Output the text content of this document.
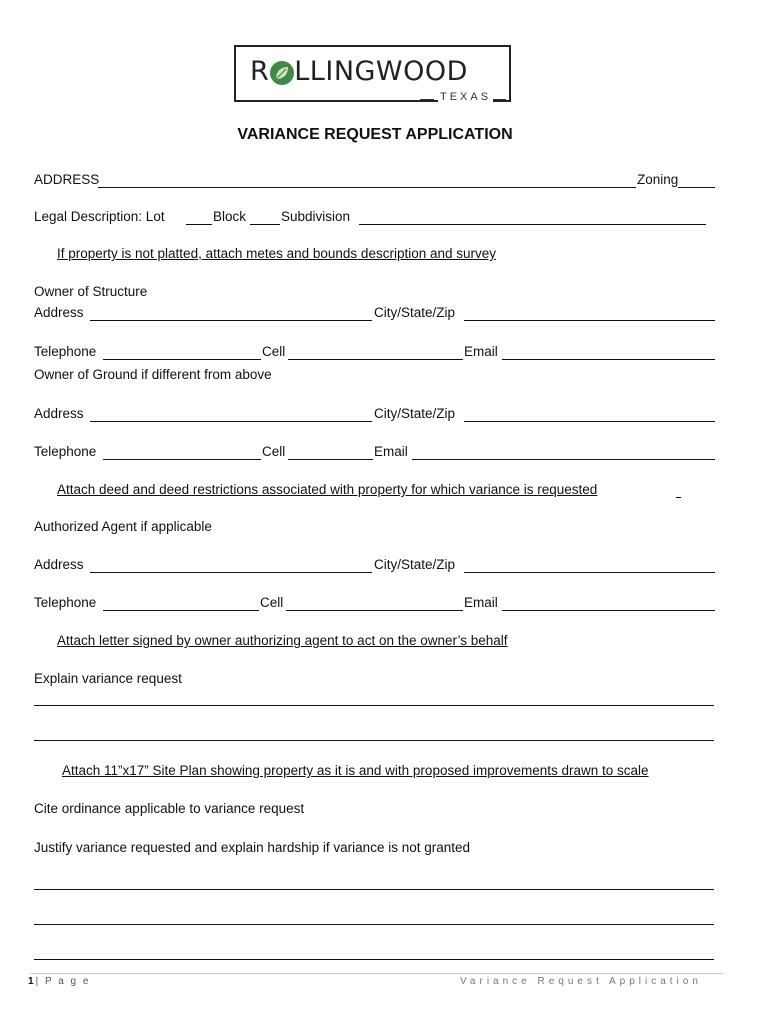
R LLINGWOOD
TEXAS
VARIANCE REQUEST APPLICATION
ADDRESS	Zoning
Legal Description: Lot	Block	Subdivision
If property is not platted, attach metes and bounds description and survey
Owner of Structure
Address	City/State/Zip
Telephone	Cell	Email
Owner of Ground if different from above
Address	City/State/Zip
Telephone	Cell	Email
Attach deed and deed restrictions associated with property for which variance is requested
Authorized Agent if applicable
Address	City/State/Zip
Telephone	Cell	Email
Attach letter signed by owner authorizing agent to act on the owner’s behalf
Explain variance request
Attach 11”x17” Site Plan showing property as it is and with proposed improvements drawn to scale
Cite ordinance applicable to variance request
Justify variance requested and explain hardship if variance is not granted
1| P a g e	Variance Request Application
